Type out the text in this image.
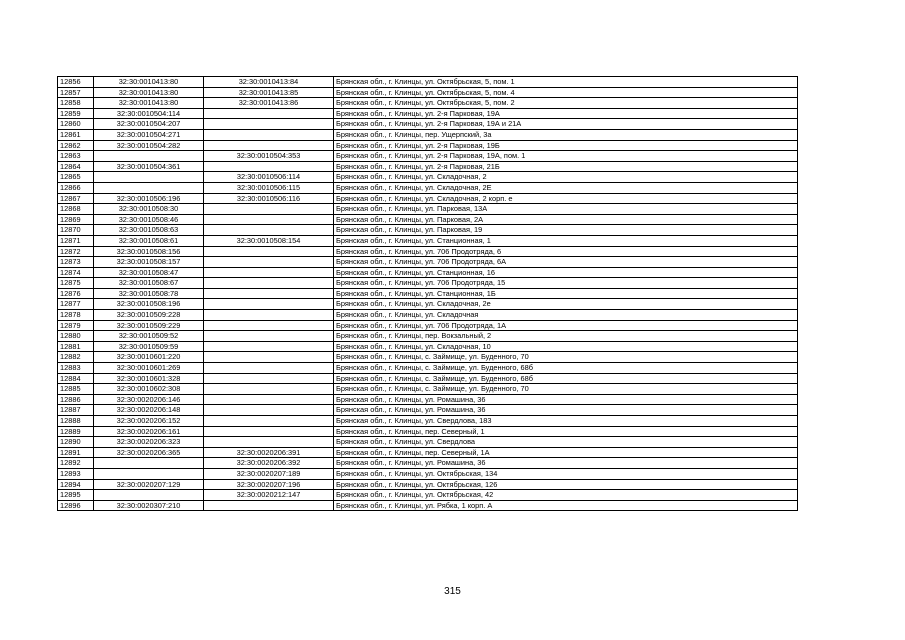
12856	32:30:0010413:80	32:30:0010413:84	Брянская обл., г. Клинцы, ул. Октябрьская, 5, пом. 1
12857	32:30:0010413:80	32:30:0010413:85	Брянская обл., г. Клинцы, ул. Октябрьская, 5, пом. 4
12858	32:30:0010413:80	32:30:0010413:86	Брянская обл., г. Клинцы, ул. Октябрьская, 5, пом. 2
12859	32:30:0010504:114		Брянская обл., г. Клинцы, ул. 2-я Парковая, 19А
12860	32:30:0010504:207		Брянская обл., г. Клинцы, ул. 2-я Парковая, 19А и 21А
12861	32:30:0010504:271		Брянская обл., г. Клинцы, пер. Ущерпский, 3а
12862	32:30:0010504:282		Брянская обл., г. Клинцы, ул. 2-я Парковая, 19Б
12863		32:30:0010504:353	Брянская обл., г. Клинцы, ул. 2-я Парковая, 19А, пом. 1
12864	32:30:0010504:361		Брянская обл., г. Клинцы, ул. 2-я Парковая, 21Б
12865		32:30:0010506:114	Брянская обл., г. Клинцы, ул. Складочная, 2
12866		32:30:0010506:115	Брянская обл., г. Клинцы, ул. Складочная, 2Е
12867	32:30:0010506:196	32:30:0010506:116	Брянская обл., г. Клинцы, ул. Складочная, 2 корп. е
12868	32:30:0010508:30		Брянская обл., г. Клинцы, ул. Парковая, 13А
12869	32:30:0010508:46		Брянская обл., г. Клинцы, ул. Парковая, 2А
12870	32:30:0010508:63		Брянская обл., г. Клинцы, ул. Парковая, 19
12871	32:30:0010508:61	32:30:0010508:154	Брянская обл., г. Клинцы, ул. Станционная, 1
12872	32:30:0010508:156		Брянская обл., г. Клинцы, ул. 706 Продотряда, 6
12873	32:30:0010508:157		Брянская обл., г. Клинцы, ул. 706 Продотряда, 6А
12874	32:30:0010508:47		Брянская обл., г. Клинцы, ул. Станционная, 16
12875	32:30:0010508:67		Брянская обл., г. Клинцы, ул. 706 Продотряда, 15
12876	32:30:0010508:78		Брянская обл., г. Клинцы, ул. Станционная, 1Б
12877	32:30:0010508:196		Брянская обл., г. Клинцы, ул. Складочная, 2е
12878	32:30:0010509:228		Брянская обл., г. Клинцы, ул. Складочная
12879	32:30:0010509:229		Брянская обл., г. Клинцы, ул. 706 Продотряда, 1А
12880	32:30:0010509:52		Брянская обл., г. Клинцы, пер. Вокзальный, 2
12881	32:30:0010509:59		Брянская обл., г. Клинцы, ул. Складочная, 10
12882	32:30:0010601:220		Брянская обл., г. Клинцы, с. Займище, ул. Буденного, 70
12883	32:30:0010601:269		Брянская обл., г. Клинцы, с. Займище, ул. Буденного, 68б
12884	32:30:0010601:328		Брянская обл., г. Клинцы, с. Займище, ул. Буденного, 68б
12885	32:30:0010602:308		Брянская обл., г. Клинцы, с. Займище, ул. Буденного, 70
12886	32:30:0020206:146		Брянская обл., г. Клинцы, ул. Ромашина, 36
12887	32:30:0020206:148		Брянская обл., г. Клинцы, ул. Ромашина, 36
12888	32:30:0020206:152		Брянская обл., г. Клинцы, ул. Свердлова, 183
12889	32:30:0020206:161		Брянская обл., г. Клинцы, пер. Северный, 1
12890	32:30:0020206:323		Брянская обл., г. Клинцы, ул. Свердлова
12891	32:30:0020206:365	32:30:0020206:391	Брянская обл., г. Клинцы, пер. Северный, 1А
12892		32:30:0020206:392	Брянская обл., г. Клинцы, ул. Ромашина, 36
12893		32:30:0020207:189	Брянская обл., г. Клинцы, ул. Октябрьская, 134
12894	32:30:0020207:129	32:30:0020207:196	Брянская обл., г. Клинцы, ул. Октябрьская, 126
12895		32:30:0020212:147	Брянская обл., г. Клинцы, ул. Октябрьская, 42
12896	32:30:0020307:210		Брянская обл., г. Клинцы, ул. Рябка, 1 корп. А
315
